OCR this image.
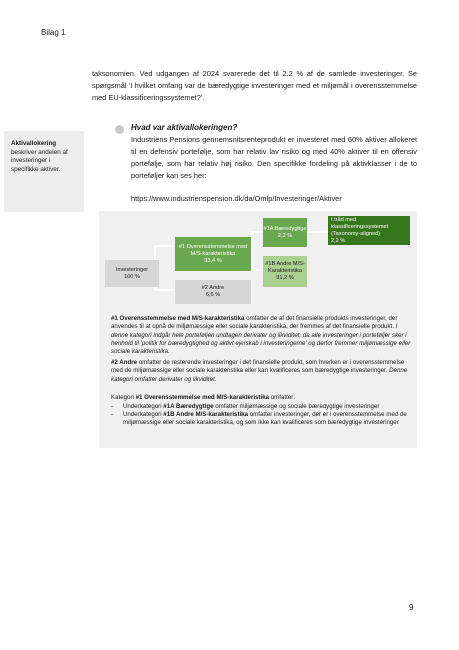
Bilag 1
taksonomien. Ved udgangen af 2024 svarerede det til 2,2 % af de samlede investeringer. Se spørgsmål 'I hvilket omfang var de bæredygtige investeringer med et miljømål i overensstemmelse med EU-klassificeringssystemet?'.
Aktivallokering beskriver andelen af investeringer i specifikke aktiver.
Hvad var aktivallokeringen?
Industriens Pensions gennemsnitsrenteprodukt er investeret med 60% aktiver allokeret til en defensiv portefølje, som har relativ lav risiko og med 40% aktiver til en offensiv portefølje, som har relativ høj risiko. Den specifikke fordeling på aktivklasser i de to porteføljer kan ses her:
https://www.industrienspension.dk/da/Omlp/Investeringer/Aktiver
Investeringer
100 %
#1 Overensstemmelse med M/S-karakteristika
93,4 %
#2 Andre
6,6 %
#1A Bæredygtige
2,2 %
#1B Andre M/S-Karakteristika
91,2 %
I tråd med klassificeringssystemet (Taxonomy-aligned)
2,2 %
#1 Overensstemmelse med M/S-karakteristika omfatter de af det finansielle produkts investeringer, der anvendes til at opnå de miljømæssige eller sociale karakteristika, der fremmes af det finansielle produkt. I denne kategori indgår hele porteføljen undtagen derivater og likviditet, da alle investeringer i porteføljer sker i henhold til 'politik for bæredygtighed og aktivt ejerskab i investeringerne' og derfor fremmer miljømæssige eller sociale karakteristika.
#2 Andre omfatter de resterende investeringer i det finansielle produkt, som hverken er i overensstemmelse med de miljømæssige eller sociale karakteristika eller kan kvalificeres som bæredygtige investeringer. Denne kategori omfatter derivater og likviditet.
Kategori #1 Overensstemmelse med M/S-karakteristika omfatter:
-	Underkategori #1A Bæredygtige omfatter miljømæssige og sociale bæredygtige investeringer
-	Underkategori #1B Andre M/S-karakteristika omfatter investeringer, der er i overensstemmelse med de miljømæssige eller sociale karakteristika, og som ikke kan kvalificeres som bæredygtige investeringer
9
